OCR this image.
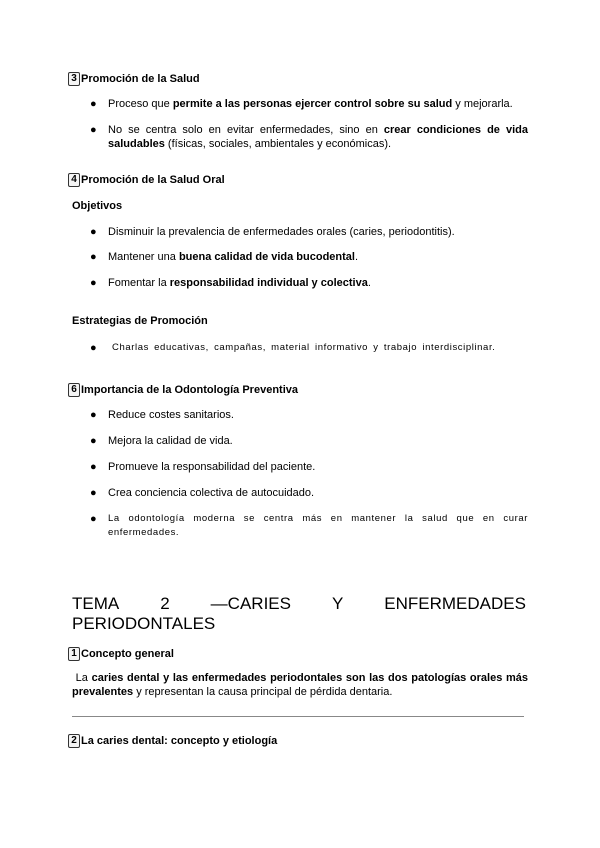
3 Promoción de la Salud
● Proceso que permite a las personas ejercer control sobre su salud y mejorarla.
● No se centra solo en evitar enfermedades, sino en crear condiciones de vida saludables (físicas, sociales, ambientales y económicas).
4 Promoción de la Salud Oral
Objetivos
● Disminuir la prevalencia de enfermedades orales (caries, periodontitis).
● Mantener una buena calidad de vida bucodental.
● Fomentar la responsabilidad individual y colectiva.
Estrategias de Promoción
● Charlas educativas, campañas, material informativo y trabajo interdisciplinar.
6 Importancia de la Odontología Preventiva
● Reduce costes sanitarios.
● Mejora la calidad de vida.
● Promueve la responsabilidad del paciente.
● Crea conciencia colectiva de autocuidado.
● La odontología moderna se centra más en mantener la salud que en curar enfermedades.
TEMA 2 —CARIES Y ENFERMEDADES
PERIODONTALES
1 Concepto general
La caries dental y las enfermedades periodontales son las dos patologías orales más prevalentes y representan la causa principal de pérdida dentaria.
2 La caries dental: concepto y etiología
